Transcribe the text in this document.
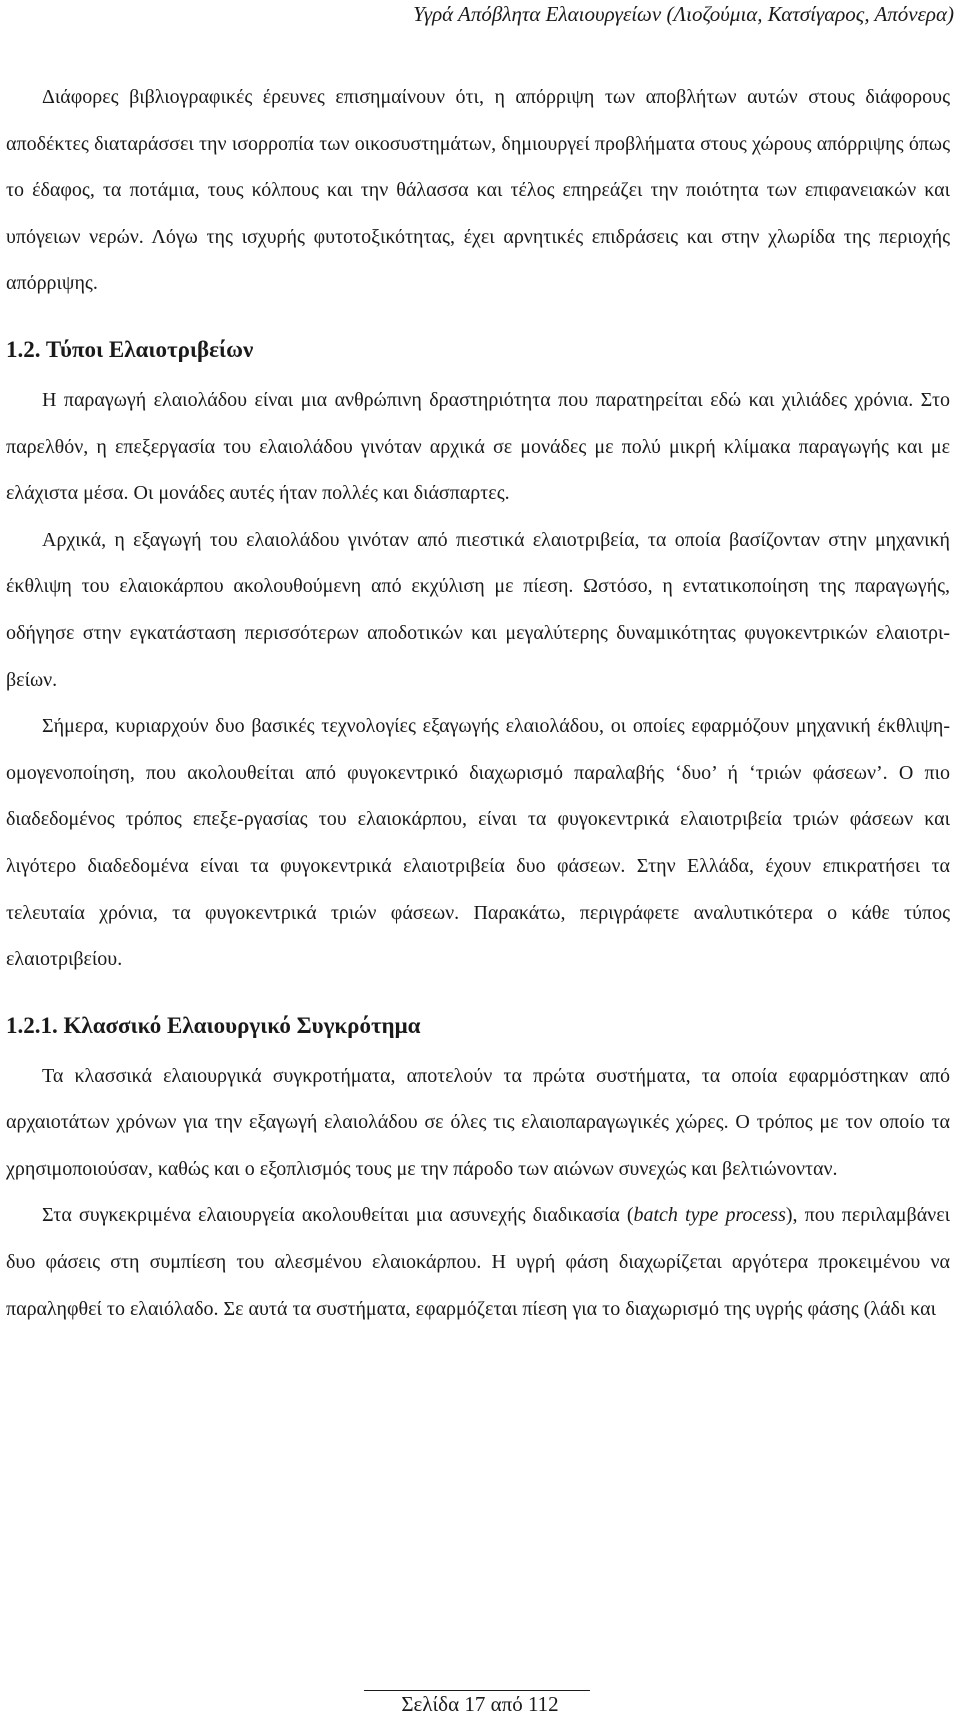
Υγρά Απόβλητα Ελαιουργείων (Λιοζούμια, Κατσίγαρος, Απόνερα)

Διάφορες βιβλιογραφικές έρευνες επισημαίνουν ότι, η απόρριψη των αποβλήτων αυτών στους διάφορους αποδέκτες διαταράσσει την ισορροπία των οικοσυστημάτων, δημιουργεί προβλήματα στους χώρους απόρριψης όπως το έδαφος, τα ποτάμια, τους κόλπους και την θάλασσα και τέλος επηρεάζει την ποιότητα των επιφανειακών και υπόγειων νερών. Λόγω της ισχυρής φυτοτοξικότητας, έχει αρνητικές επιδράσεις και στην χλωρίδα της περιοχής απόρριψης.

1.2. Τύποι Ελαιοτριβείων

Η παραγωγή ελαιολάδου είναι μια ανθρώπινη δραστηριότητα που παρατηρείται εδώ και χιλιάδες χρόνια. Στο παρελθόν, η επεξεργασία του ελαιολάδου γινόταν αρχικά σε μονάδες με πολύ μικρή κλίμακα παραγωγής και με ελάχιστα μέσα. Οι μονάδες αυτές ήταν πολλές και διάσπαρτες.

Αρχικά, η εξαγωγή του ελαιολάδου γινόταν από πιεστικά ελαιοτριβεία, τα οποία βασίζονταν στην μηχανική έκθλιψη του ελαιοκάρπου ακολουθούμενη από εκχύλιση με πίεση. Ωστόσο, η εντατικοποίηση της παραγωγής, οδήγησε στην εγκατάσταση περισσότερων αποδοτικών και μεγαλύτερης δυναμικότητας φυγοκεντρικών ελαιοτρι-βείων.

Σήμερα, κυριαρχούν δυο βασικές τεχνολογίες εξαγωγής ελαιολάδου, οι οποίες εφαρμόζουν μηχανική έκθλιψη-ομογενοποίηση, που ακολουθείται από φυγοκεντρικό διαχωρισμό παραλαβής ‘δυο’ ή ‘τριών φάσεων’. Ο πιο διαδεδομένος τρόπος επεξε-ργασίας του ελαιοκάρπου, είναι τα φυγοκεντρικά ελαιοτριβεία τριών φάσεων και λιγότερο διαδεδομένα είναι τα φυγοκεντρικά ελαιοτριβεία δυο φάσεων. Στην Ελλάδα, έχουν επικρατήσει τα τελευταία χρόνια, τα φυγοκεντρικά τριών φάσεων. Παρακάτω, περιγράφετε αναλυτικότερα ο κάθε τύπος ελαιοτριβείου.

1.2.1. Κλασσικό Ελαιουργικό Συγκρότημα

Τα κλασσικά ελαιουργικά συγκροτήματα, αποτελούν τα πρώτα συστήματα, τα οποία εφαρμόστηκαν από αρχαιοτάτων χρόνων για την εξαγωγή ελαιολάδου σε όλες τις ελαιοπαραγωγικές χώρες. Ο τρόπος με τον οποίο τα χρησιμοποιούσαν, καθώς και ο εξοπλισμός τους με την πάροδο των αιώνων συνεχώς και βελτιώνονταν.

Στα συγκεκριμένα ελαιουργεία ακολουθείται μια ασυνεχής διαδικασία (batch type process), που περιλαμβάνει δυο φάσεις στη συμπίεση του αλεσμένου ελαιοκάρπου. Η υγρή φάση διαχωρίζεται αργότερα προκειμένου να παραληφθεί το ελαιόλαδο. Σε αυτά τα συστήματα, εφαρμόζεται πίεση για το διαχωρισμό της υγρής φάσης (λάδι και

Σελίδα 17 από 112
